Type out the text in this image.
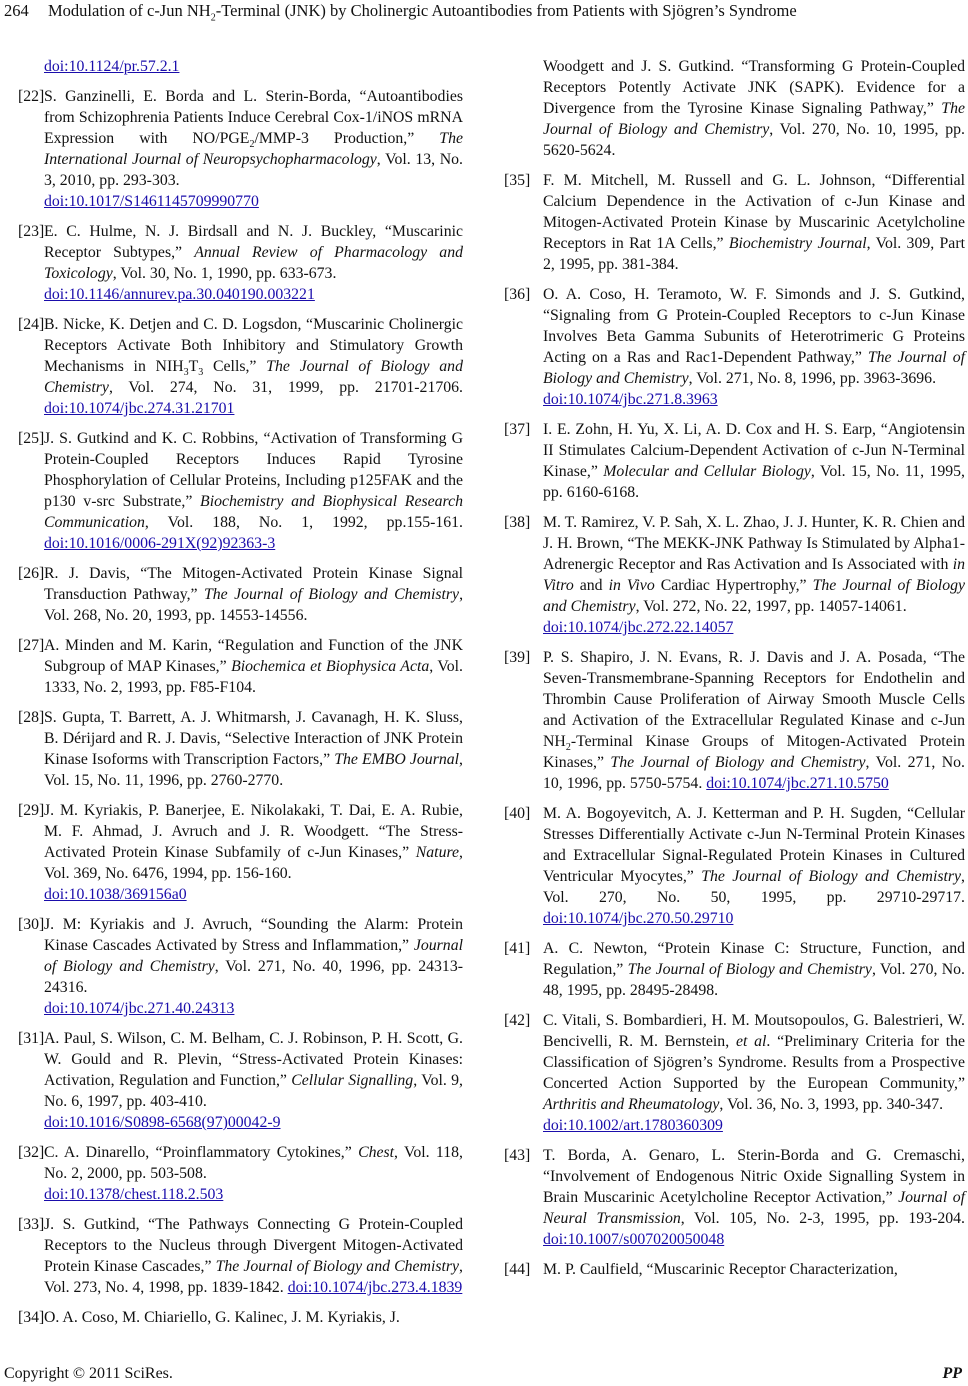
264 Modulation of c-Jun $NH_2$-Terminal (JNK) by Cholinergic Autoantibodies from Patients with Sjögren’s Syndrome
doi:10.1124/pr.57.2.1
[22] S. Ganzinelli, E. Borda and L. Sterin-Borda, “Autoantibodies from Schizophrenia Patients Induce Cerebral Cox-1/iNOS mRNA Expression with $NO/PGE_2/MMP-3$ Production,” The International Journal of Neuropsychopharmacology, Vol. 13, No. 3, 2010, pp. 293-303.
doi:10.1017/S1461145709990770
[23] E. C. Hulme, N. J. Birdsall and N. J. Buckley, “Muscarinic Receptor Subtypes,” Annual Review of Pharmacology and Toxicology, Vol. 30, No. 1, 1990, pp. 633-673.
doi:10.1146/annurev.pa.30.040190.003221
[24] B. Nicke, K. Detjen and C. D. Logsdon, “Muscarinic Cholinergic Receptors Activate Both Inhibitory and Stimulatory Growth Mechanisms in $NIH_3T_3$ Cells,” The Journal of Biology and Chemistry, Vol. 274, No. 31, 1999, pp. 21701-21706. doi:10.1074/jbc.274.31.21701
[25] J. S. Gutkind and K. C. Robbins, “Activation of Transforming G Protein-Coupled Receptors Induces Rapid Tyrosine Phosphorylation of Cellular Proteins, Including p125FAK and the p130 v-src Substrate,” Biochemistry and Biophysical Research Communication, Vol. 188, No. 1, 1992, pp.155-161. doi:10.1016/0006-291X(92)92363-3
[26] R. J. Davis, “The Mitogen-Activated Protein Kinase Signal Transduction Pathway,” The Journal of Biology and Chemistry, Vol. 268, No. 20, 1993, pp. 14553-14556.
[27] A. Minden and M. Karin, “Regulation and Function of the JNK Subgroup of MAP Kinases,” Biochemica et Biophysica Acta, Vol. 1333, No. 2, 1993, pp. F85-F104.
[28] S. Gupta, T. Barrett, A. J. Whitmarsh, J. Cavanagh, H. K. Sluss, B. Dérijard and R. J. Davis, “Selective Interaction of JNK Protein Kinase Isoforms with Transcription Factors,” The EMBO Journal, Vol. 15, No. 11, 1996, pp. 2760-2770.
[29] J. M. Kyriakis, P. Banerjee, E. Nikolakaki, T. Dai, E. A. Rubie, M. F. Ahmad, J. Avruch and J. R. Woodgett. “The Stress-Activated Protein Kinase Subfamily of c-Jun Kinases,” Nature, Vol. 369, No. 6476, 1994, pp. 156-160.
doi:10.1038/369156a0
[30] J. M: Kyriakis and J. Avruch, “Sounding the Alarm: Protein Kinase Cascades Activated by Stress and Inflammation,” Journal of Biology and Chemistry, Vol. 271, No. 40, 1996, pp. 24313-24316.
doi:10.1074/jbc.271.40.24313
[31] A. Paul, S. Wilson, C. M. Belham, C. J. Robinson, P. H. Scott, G. W. Gould and R. Plevin, “Stress-Activated Protein Kinases: Activation, Regulation and Function,” Cellular Signalling, Vol. 9, No. 6, 1997, pp. 403-410.
doi:10.1016/S0898-6568(97)00042-9
[32] C. A. Dinarello, “Proinflammatory Cytokines,” Chest, Vol. 118, No. 2, 2000, pp. 503-508.
doi:10.1378/chest.118.2.503
[33] J. S. Gutkind, “The Pathways Connecting G Protein-Coupled Receptors to the Nucleus through Divergent Mitogen-Activated Protein Kinase Cascades,” The Journal of Biology and Chemistry, Vol. 273, No. 4, 1998, pp. 1839-1842. doi:10.1074/jbc.273.4.1839
[34] O. A. Coso, M. Chiariello, G. Kalinec, J. M. Kyriakis, J.
Woodgett and J. S. Gutkind. “Transforming G Protein-Coupled Receptors Potently Activate JNK (SAPK). Evidence for a Divergence from the Tyrosine Kinase Signaling Pathway,” The Journal of Biology and Chemistry, Vol. 270, No. 10, 1995, pp. 5620-5624.
[35] F. M. Mitchell, M. Russell and G. L. Johnson, “Differential Calcium Dependence in the Activation of c-Jun Kinase and Mitogen-Activated Protein Kinase by Muscarinic Acetylcholine Receptors in Rat 1A Cells,” Biochemistry Journal, Vol. 309, Part 2, 1995, pp. 381-384.
[36] O. A. Coso, H. Teramoto, W. F. Simonds and J. S. Gutkind, “Signaling from G Protein-Coupled Receptors to c-Jun Kinase Involves Beta Gamma Subunits of Heterotrimeric G Proteins Acting on a Ras and Rac1-Dependent Pathway,” The Journal of Biology and Chemistry, Vol. 271, No. 8, 1996, pp. 3963-3696.
doi:10.1074/jbc.271.8.3963
[37] I. E. Zohn, H. Yu, X. Li, A. D. Cox and H. S. Earp, “Angiotensin II Stimulates Calcium-Dependent Activation of c-Jun N-Terminal Kinase,” Molecular and Cellular Biology, Vol. 15, No. 11, 1995, pp. 6160-6168.
[38] M. T. Ramirez, V. P. Sah, X. L. Zhao, J. J. Hunter, K. R. Chien and J. H. Brown, “The MEKK-JNK Pathway Is Stimulated by Alpha1-Adrenergic Receptor and Ras Activation and Is Associated with in Vitro and in Vivo Cardiac Hypertrophy,” The Journal of Biology and Chemistry, Vol. 272, No. 22, 1997, pp. 14057-14061.
doi:10.1074/jbc.272.22.14057
[39] P. S. Shapiro, J. N. Evans, R. J. Davis and J. A. Posada, “The Seven-Transmembrane-Spanning Receptors for Endothelin and Thrombin Cause Proliferation of Airway Smooth Muscle Cells and Activation of the Extracellular Regulated Kinase and c-Jun $NH_2$-Terminal Kinase Groups of Mitogen-Activated Protein Kinases,” The Journal of Biology and Chemistry, Vol. 271, No. 10, 1996, pp. 5750-5754. doi:10.1074/jbc.271.10.5750
[40] M. A. Bogoyevitch, A. J. Ketterman and P. H. Sugden, “Cellular Stresses Differentially Activate c-Jun N-Terminal Protein Kinases and Extracellular Signal-Regulated Protein Kinases in Cultured Ventricular Myocytes,” The Journal of Biology and Chemistry, Vol. 270, No. 50, 1995, pp. 29710-29717. doi:10.1074/jbc.270.50.29710
[41] A. C. Newton, “Protein Kinase C: Structure, Function, and Regulation,” The Journal of Biology and Chemistry, Vol. 270, No. 48, 1995, pp. 28495-28498.
[42] C. Vitali, S. Bombardieri, H. M. Moutsopoulos, G. Balestrieri, W. Bencivelli, R. M. Bernstein, et al. “Preliminary Criteria for the Classification of Sjögren’s Syndrome. Results from a Prospective Concerted Action Supported by the European Community,” Arthritis and Rheumatology, Vol. 36, No. 3, 1993, pp. 340-347.
doi:10.1002/art.1780360309
[43] T. Borda, A. Genaro, L. Sterin-Borda and G. Cremaschi, “Involvement of Endogenous Nitric Oxide Signalling System in Brain Muscarinic Acetylcholine Receptor Activation,” Journal of Neural Transmission, Vol. 105, No. 2-3, 1995, pp. 193-204. doi:10.1007/s007020050048
[44] M. P. Caulfield, “Muscarinic Receptor Characterization,
Copyright © 2011 SciRes.	PP
